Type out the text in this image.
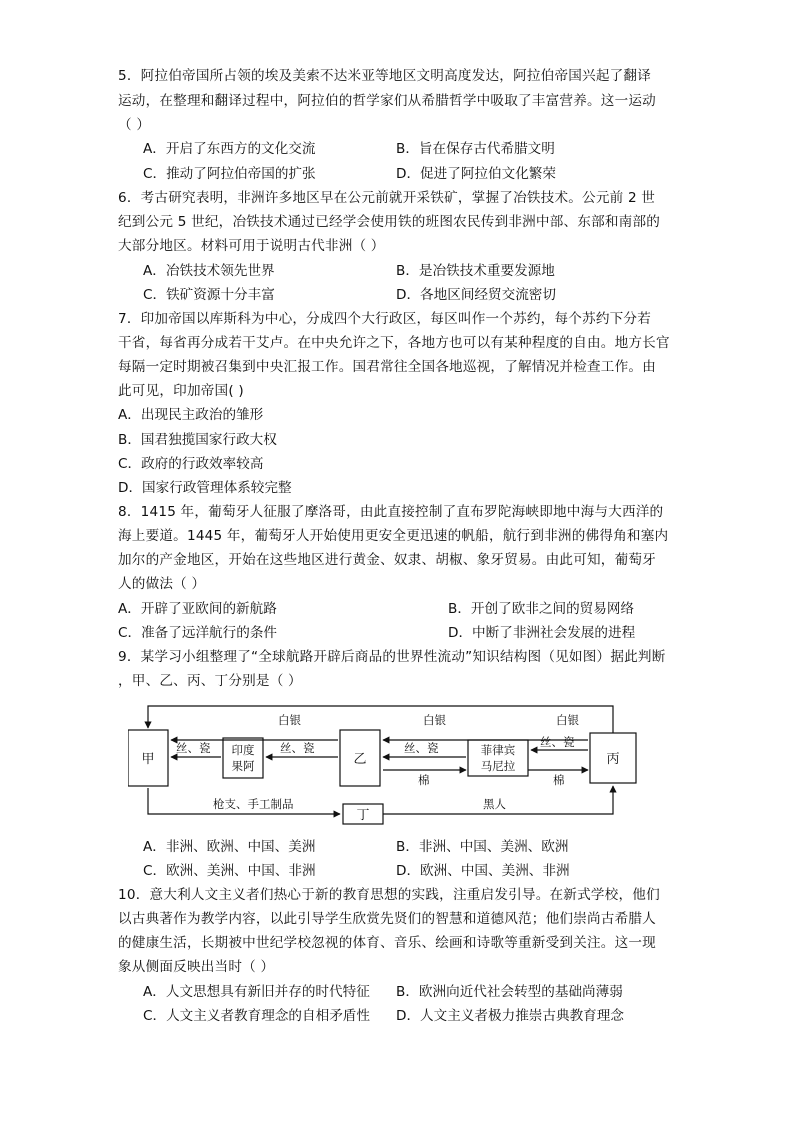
5．阿拉伯帝国所占领的埃及美索不达米亚等地区文明高度发达，阿拉伯帝国兴起了翻译
运动，在整理和翻译过程中，阿拉伯的哲学家们从希腊哲学中吸取了丰富营养。这一运动
（ ）
A．开启了东西方的文化交流	B．旨在保存古代希腊文明
C．推动了阿拉伯帝国的扩张	D．促进了阿拉伯文化繁荣
6．考古研究表明，非洲许多地区早在公元前就开采铁矿，掌握了冶铁技术。公元前 2 世
纪到公元 5 世纪，冶铁技术通过已经学会使用铁的班图农民传到非洲中部、东部和南部的
大部分地区。材料可用于说明古代非洲（ ）
A．冶铁技术领先世界	B．是冶铁技术重要发源地
C．铁矿资源十分丰富	D．各地区间经贸交流密切
7．印加帝国以库斯科为中心，分成四个大行政区，每区叫作一个苏约，每个苏约下分若
干省，每省再分成若干艾卢。在中央允许之下，各地方也可以有某种程度的自由。地方长官
每隔一定时期被召集到中央汇报工作。国君常往全国各地巡视，了解情况并检查工作。由
此可见，印加帝国( )
A．出现民主政治的雏形
B．国君独揽国家行政大权
C．政府的行政效率较高
D．国家行政管理体系较完整
8．1415 年，葡萄牙人征服了摩洛哥，由此直接控制了直布罗陀海峡即地中海与大西洋的
海上要道。1445 年，葡萄牙人开始使用更安全更迅速的帆船，航行到非洲的佛得角和塞内
加尔的产金地区，开始在这些地区进行黄金、奴隶、胡椒、象牙贸易。由此可知，葡萄牙
人的做法（ ）
A．开辟了亚欧间的新航路	B．开创了欧非之间的贸易网络
C．准备了远洋航行的条件	D．中断了非洲社会发展的进程
9．某学习小组整理了“全球航路开辟后商品的世界性流动”知识结构图（见如图）据此判断
，甲、乙、丙、丁分别是（ ）
甲
印度
果阿	乙
菲律宾
马尼拉	丙
丁
白银	白银	白银
丝、瓷	丝、瓷	丝、瓷	丝、瓷
棉	棉
枪支、手工制品	黑人
A．非洲、欧洲、中国、美洲	B．非洲、中国、美洲、欧洲
C．欧洲、美洲、中国、非洲	D．欧洲、中国、美洲、非洲
10．意大利人文主义者们热心于新的教育思想的实践，注重启发引导。在新式学校，他们
以古典著作为教学内容，以此引导学生欣赏先贤们的智慧和道德风范；他们崇尚古希腊人
的健康生活，长期被中世纪学校忽视的体育、音乐、绘画和诗歌等重新受到关注。这一现
象从侧面反映出当时（ ）
A．人文思想具有新旧并存的时代特征 B．欧洲向近代社会转型的基础尚薄弱
C．人文主义者教育理念的自相矛盾性 D．人文主义者极力推崇古典教育理念
